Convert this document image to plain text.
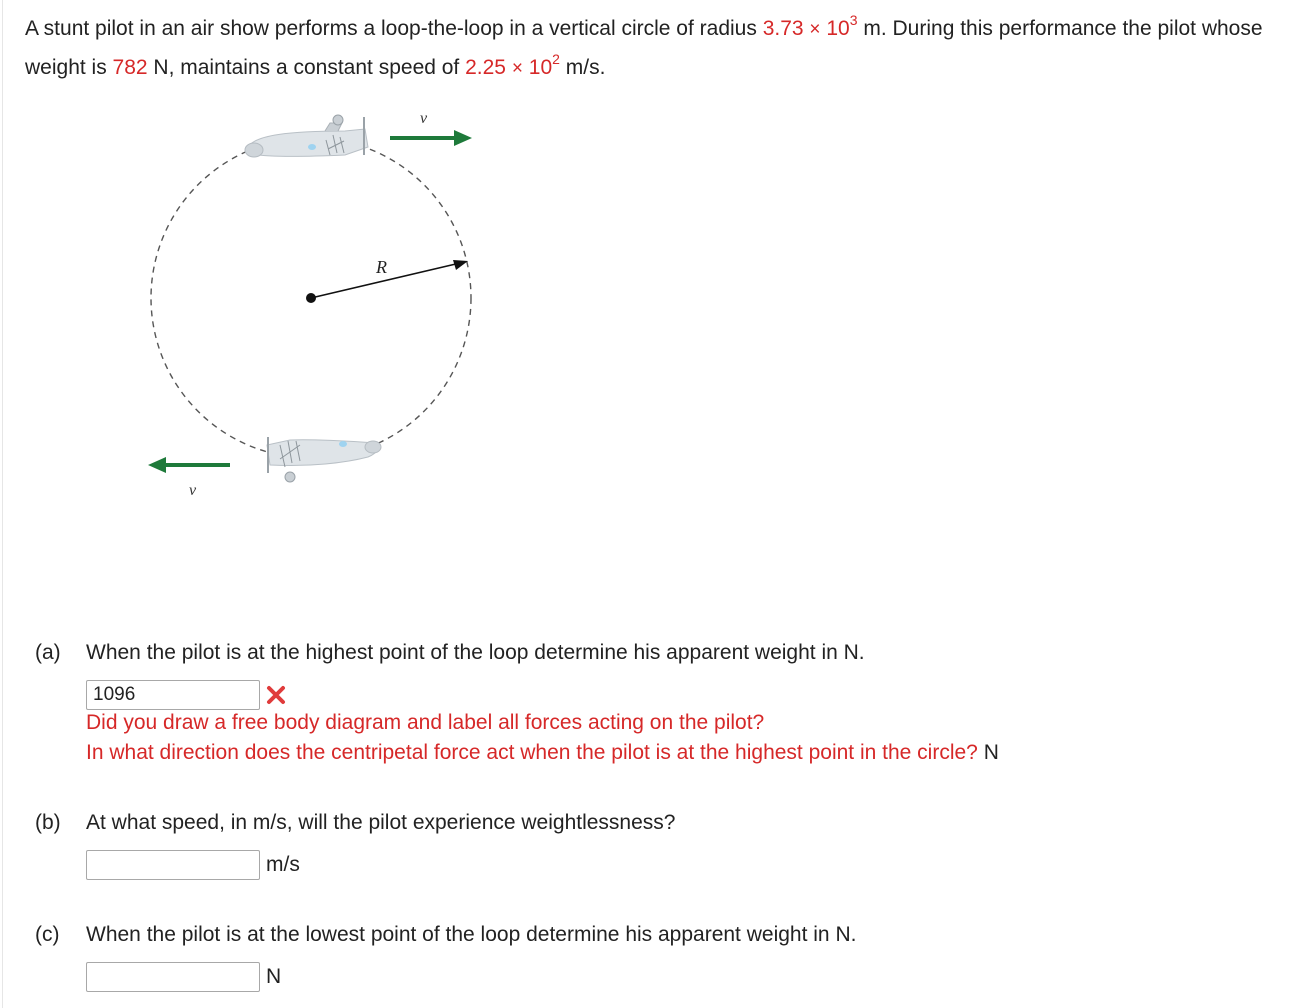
A stunt pilot in an air show performs a loop-the-loop in a vertical circle of radius $3.73 \times 10^3$ m. During this performance the pilot whose weight is 782 N, maintains a constant speed of $2.25 \times 10^2$ m/s.
R
v⃗
v⃗
(a) When the pilot is at the highest point of the loop determine his apparent weight in N.
1096
Did you draw a free body diagram and label all forces acting on the pilot?
In what direction does the centripetal force act when the pilot is at the highest point in the circle? N
(b) At what speed, in m/s, will the pilot experience weightlessness?
m/s
(c) When the pilot is at the lowest point of the loop determine his apparent weight in N.
N
